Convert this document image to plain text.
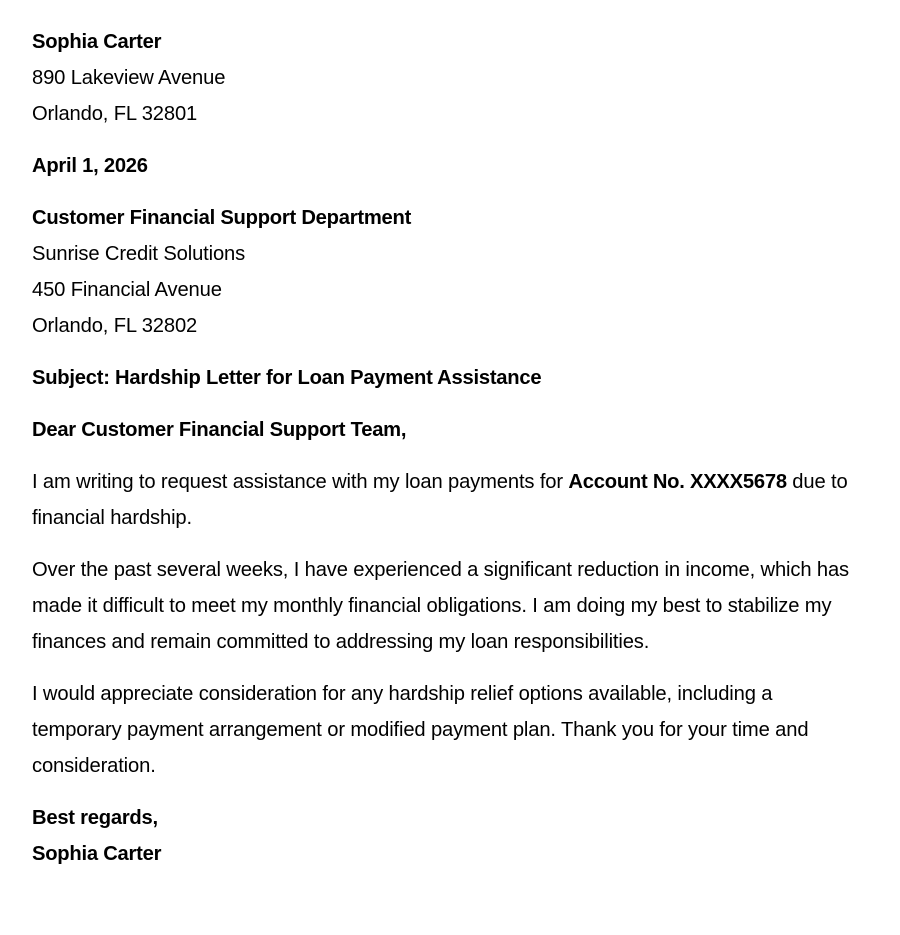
Sophia Carter
890 Lakeview Avenue
Orlando, FL 32801
April 1, 2026
Customer Financial Support Department
Sunrise Credit Solutions
450 Financial Avenue
Orlando, FL 32802
Subject: Hardship Letter for Loan Payment Assistance
Dear Customer Financial Support Team,

I am writing to request assistance with my loan payments for Account No. XXXX5678 due to financial hardship.

Over the past several weeks, I have experienced a significant reduction in income, which has made it difficult to meet my monthly financial obligations. I am doing my best to stabilize my finances and remain committed to addressing my loan responsibilities.

I would appreciate consideration for any hardship relief options available, including a temporary payment arrangement or modified payment plan. Thank you for your time and consideration.

Best regards,
Sophia Carter
